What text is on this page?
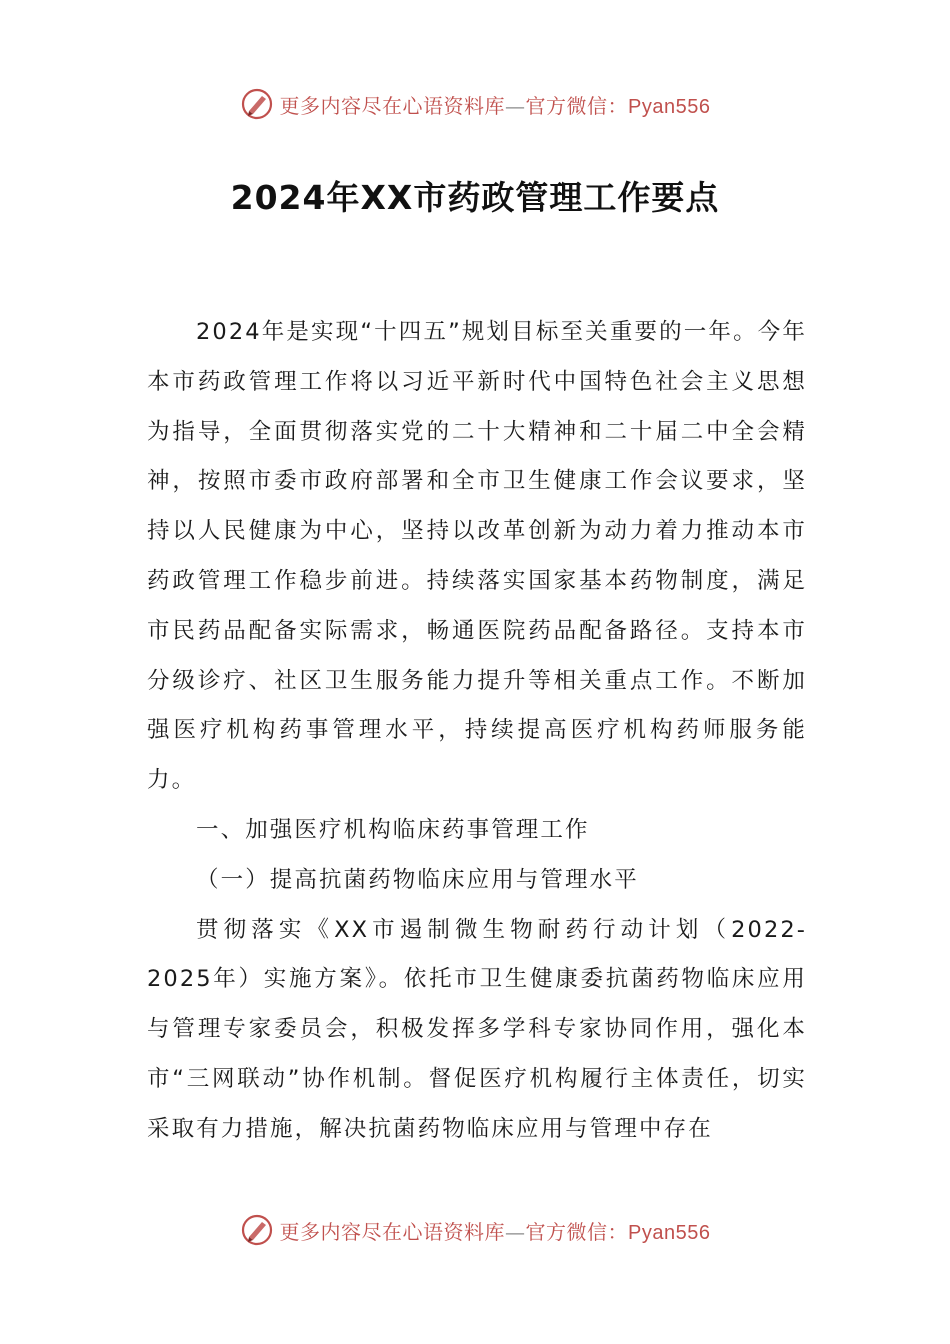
更多内容尽在心语资料库—官方微信：Pyan556
2024年XX市药政管理工作要点

2024年是实现“十四五”规划目标至关重要的一年。今年本市药政管理工作将以习近平新时代中国特色社会主义思想为指导，全面贯彻落实党的二十大精神和二十届二中全会精神，按照市委市政府部署和全市卫生健康工作会议要求，坚持以人民健康为中心，坚持以改革创新为动力着力推动本市药政管理工作稳步前进。持续落实国家基本药物制度，满足市民药品配备实际需求，畅通医院药品配备路径。支持本市分级诊疗、社区卫生服务能力提升等相关重点工作。不断加强医疗机构药事管理水平，持续提高医疗机构药师服务能力。

一、加强医疗机构临床药事管理工作

（一）提高抗菌药物临床应用与管理水平

贯彻落实《XX市遏制微生物耐药行动计划（2022-2025年）实施方案》。依托市卫生健康委抗菌药物临床应用与管理专家委员会，积极发挥多学科专家协同作用，强化本市“三网联动”协作机制。督促医疗机构履行主体责任，切实采取有力措施，解决抗菌药物临床应用与管理中存在

更多内容尽在心语资料库—官方微信：Pyan556
